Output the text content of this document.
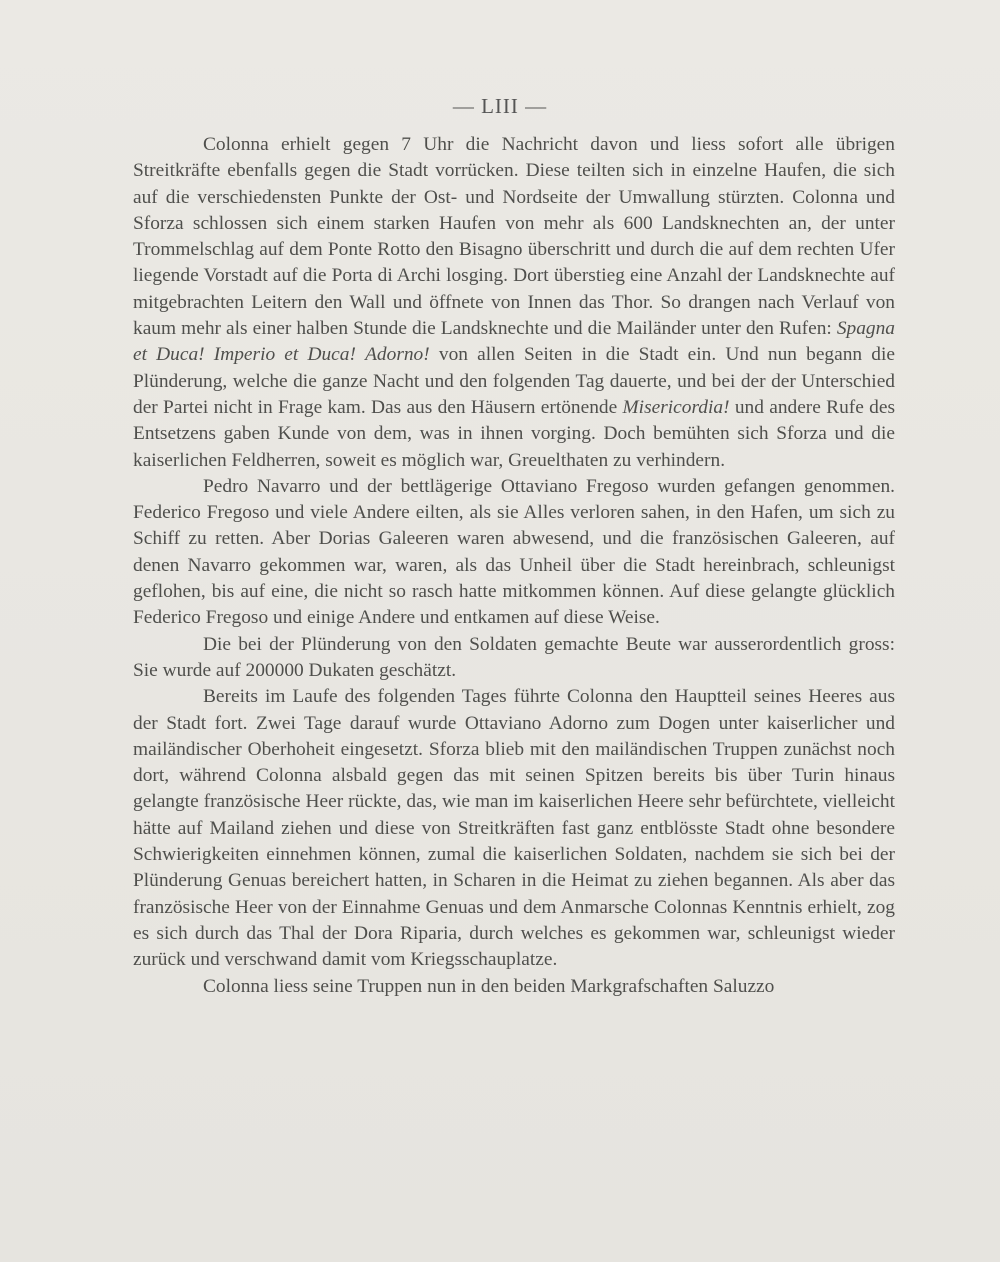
— LIII —

Colonna erhielt gegen 7 Uhr die Nachricht davon und liess sofort alle übrigen Streitkräfte ebenfalls gegen die Stadt vorrücken. Diese teilten sich in einzelne Haufen, die sich auf die verschiedensten Punkte der Ost- und Nordseite der Umwallung stürzten. Colonna und Sforza schlossen sich einem starken Haufen von mehr als 600 Landsknechten an, der unter Trommelschlag auf dem Ponte Rotto den Bisagno überschritt und durch die auf dem rechten Ufer liegende Vorstadt auf die Porta di Archi losging. Dort überstieg eine Anzahl der Landsknechte auf mitgebrachten Leitern den Wall und öffnete von Innen das Thor. So drangen nach Verlauf von kaum mehr als einer halben Stunde die Landsknechte und die Mailänder unter den Rufen: Spagna et Duca! Imperio et Duca! Adorno! von allen Seiten in die Stadt ein. Und nun begann die Plünderung, welche die ganze Nacht und den folgenden Tag dauerte, und bei der der Unterschied der Partei nicht in Frage kam. Das aus den Häusern ertönende Misericordia! und andere Rufe des Entsetzens gaben Kunde von dem, was in ihnen vorging. Doch bemühten sich Sforza und die kaiserlichen Feldherren, soweit es möglich war, Greuelthaten zu verhindern.

Pedro Navarro und der bettlägerige Ottaviano Fregoso wurden gefangen genommen. Federico Fregoso und viele Andere eilten, als sie Alles verloren sahen, in den Hafen, um sich zu Schiff zu retten. Aber Dorias Galeeren waren abwesend, und die französischen Galeeren, auf denen Navarro gekommen war, waren, als das Unheil über die Stadt hereinbrach, schleunigst geflohen, bis auf eine, die nicht so rasch hatte mitkommen können. Auf diese gelangte glücklich Federico Fregoso und einige Andere und entkamen auf diese Weise.

Die bei der Plünderung von den Soldaten gemachte Beute war ausserordentlich gross: Sie wurde auf 200000 Dukaten geschätzt.

Bereits im Laufe des folgenden Tages führte Colonna den Hauptteil seines Heeres aus der Stadt fort. Zwei Tage darauf wurde Ottaviano Adorno zum Dogen unter kaiserlicher und mailändischer Oberhoheit eingesetzt. Sforza blieb mit den mailändischen Truppen zunächst noch dort, während Colonna alsbald gegen das mit seinen Spitzen bereits bis über Turin hinaus gelangte französische Heer rückte, das, wie man im kaiserlichen Heere sehr befürchtete, vielleicht hätte auf Mailand ziehen und diese von Streitkräften fast ganz entblösste Stadt ohne besondere Schwierigkeiten einnehmen können, zumal die kaiserlichen Soldaten, nachdem sie sich bei der Plünderung Genuas bereichert hatten, in Scharen in die Heimat zu ziehen begannen. Als aber das französische Heer von der Einnahme Genuas und dem Anmarsche Colonnas Kenntnis erhielt, zog es sich durch das Thal der Dora Riparia, durch welches es gekommen war, schleunigst wieder zurück und verschwand damit vom Kriegsschauplatze.

Colonna liess seine Truppen nun in den beiden Markgrafschaften Saluzzo
